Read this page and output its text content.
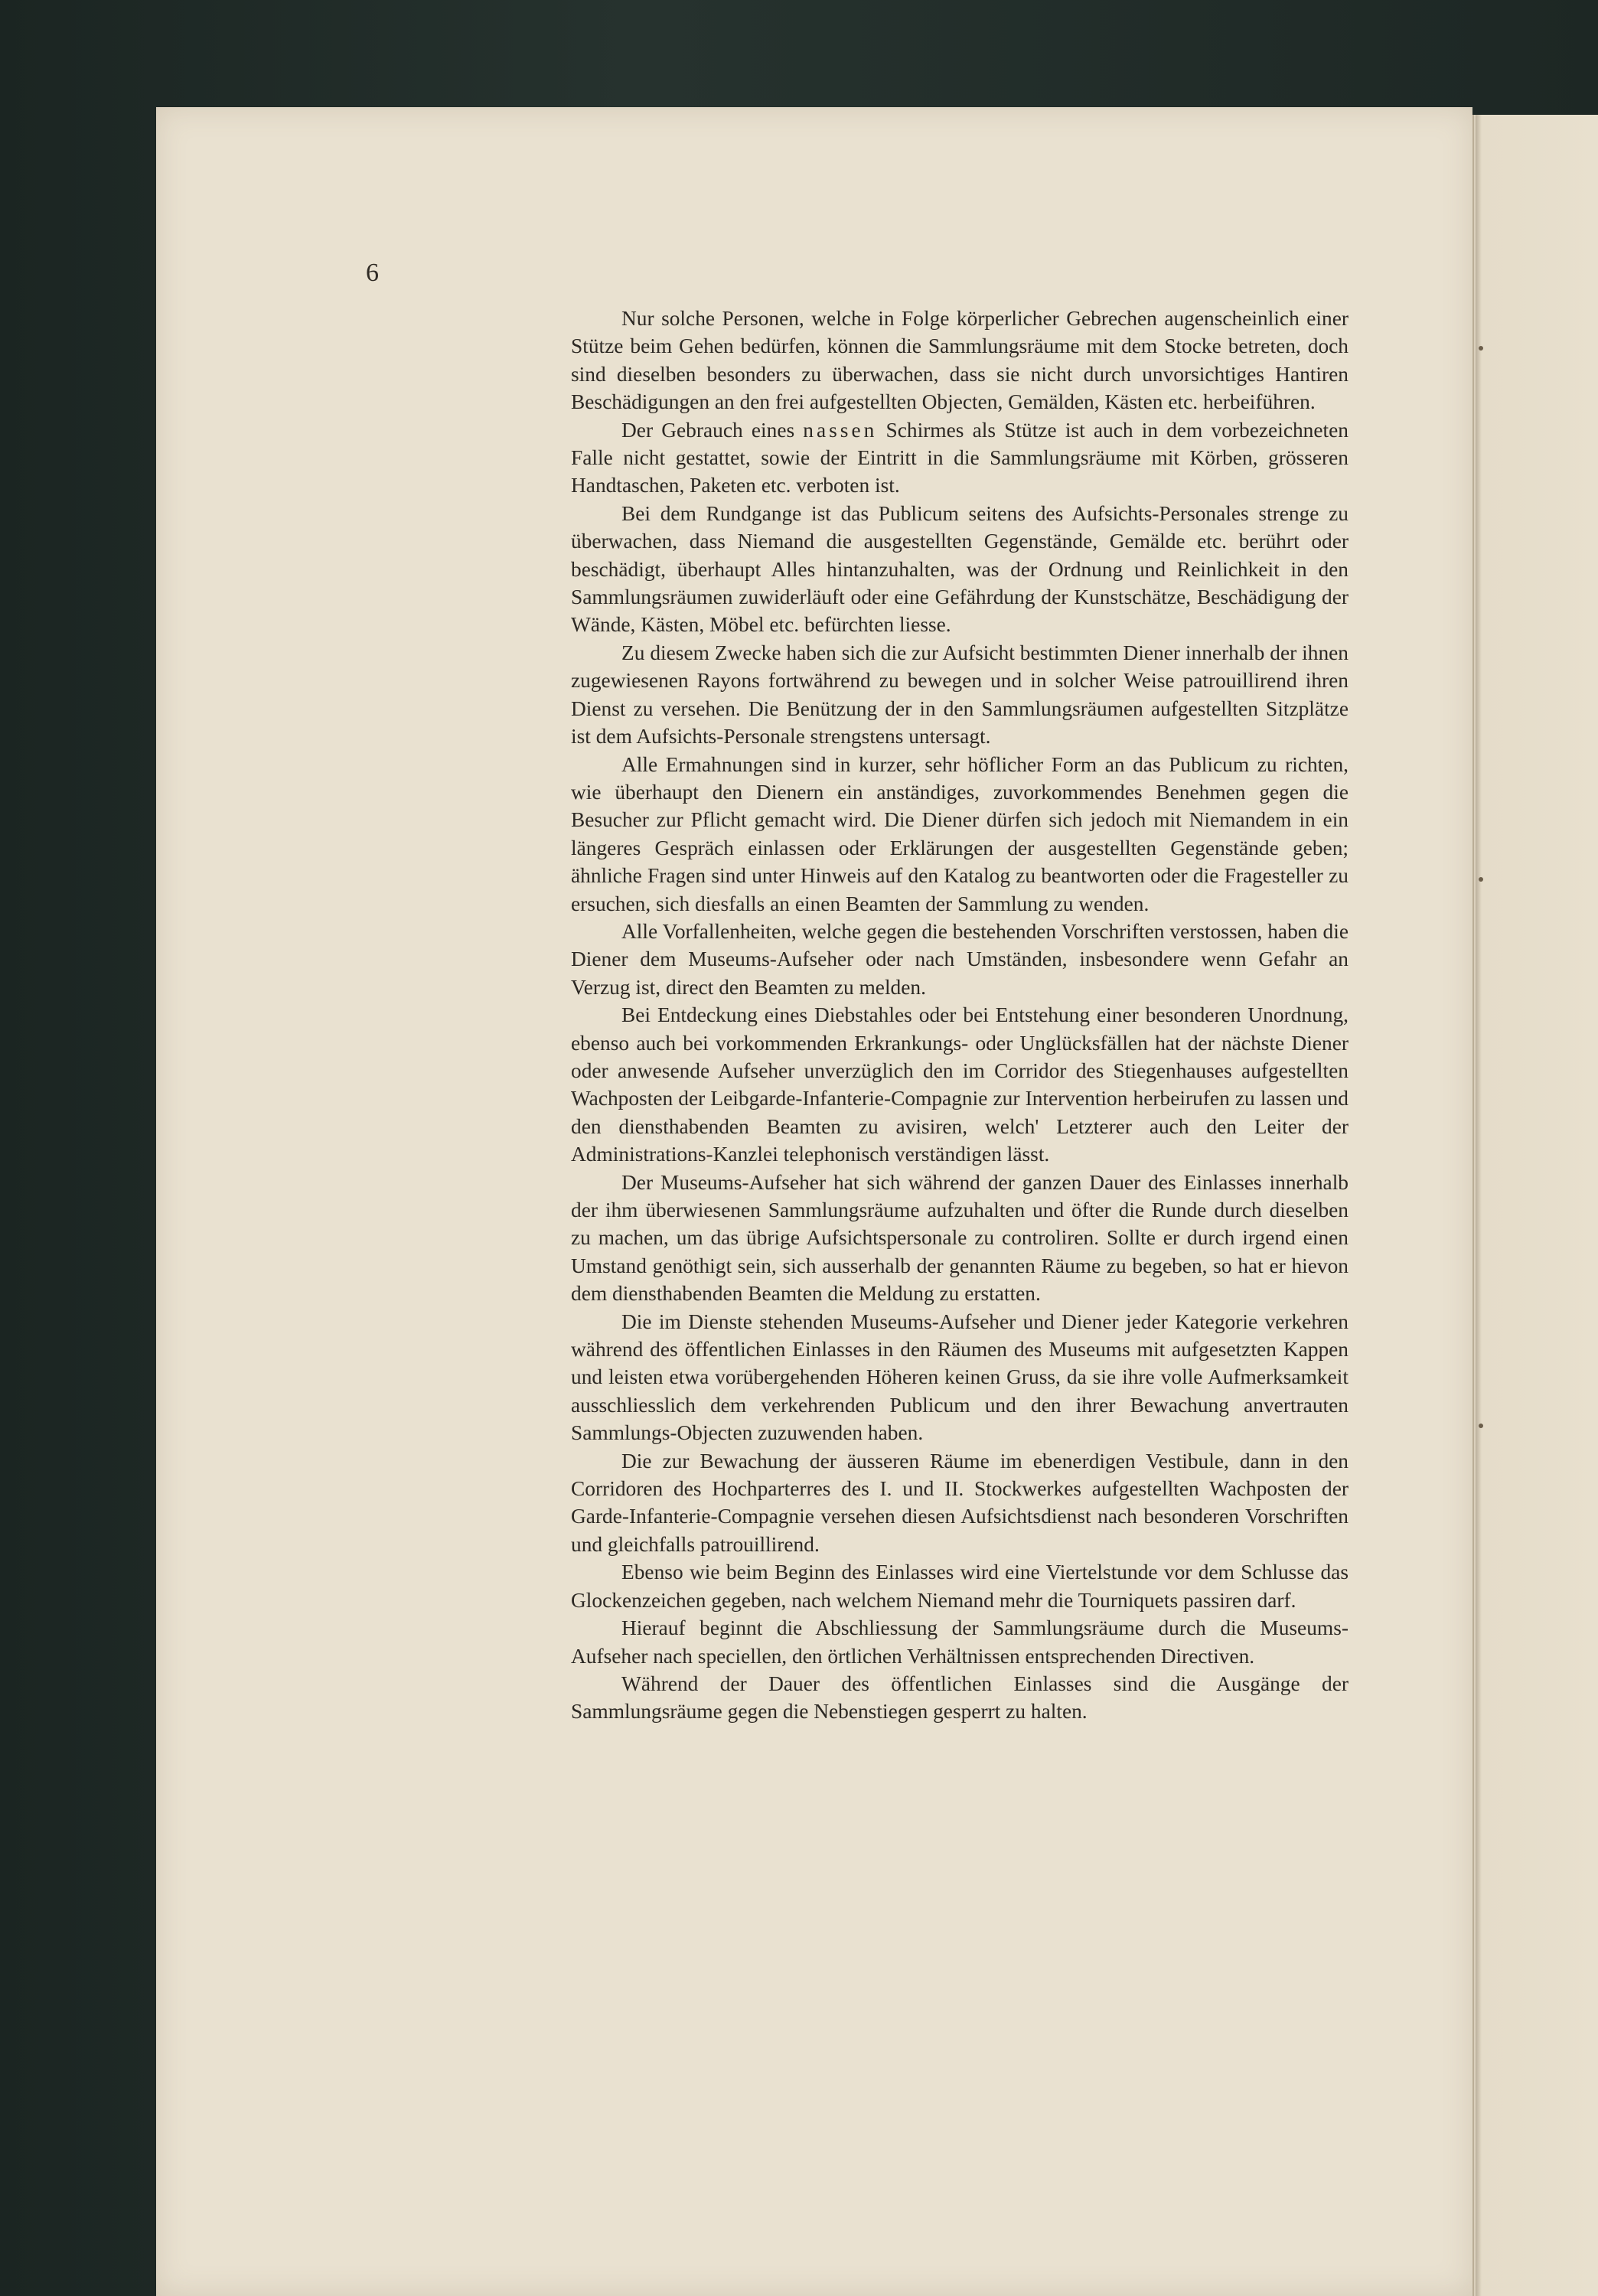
6

Nur solche Personen, welche in Folge körperlicher Gebrechen augenscheinlich einer Stütze beim Gehen bedürfen, können die Sammlungsräume mit dem Stocke betreten, doch sind dieselben besonders zu überwachen, dass sie nicht durch unvorsichtiges Hantiren Beschädigungen an den frei aufgestellten Objecten, Gemälden, Kästen etc. herbeiführen.

Der Gebrauch eines nassen Schirmes als Stütze ist auch in dem vorbezeichneten Falle nicht gestattet, sowie der Eintritt in die Sammlungsräume mit Körben, grösseren Handtaschen, Paketen etc. verboten ist.

Bei dem Rundgange ist das Publicum seitens des Aufsichts-Personales strenge zu überwachen, dass Niemand die ausgestellten Gegenstände, Gemälde etc. berührt oder beschädigt, überhaupt Alles hintanzuhalten, was der Ordnung und Reinlichkeit in den Sammlungsräumen zuwiderläuft oder eine Gefährdung der Kunstschätze, Beschädigung der Wände, Kästen, Möbel etc. befürchten liesse.

Zu diesem Zwecke haben sich die zur Aufsicht bestimmten Diener innerhalb der ihnen zugewiesenen Rayons fortwährend zu bewegen und in solcher Weise patrouillirend ihren Dienst zu versehen. Die Benützung der in den Sammlungsräumen aufgestellten Sitzplätze ist dem Aufsichts-Personale strengstens untersagt.

Alle Ermahnungen sind in kurzer, sehr höflicher Form an das Publicum zu richten, wie überhaupt den Dienern ein anständiges, zuvorkommendes Benehmen gegen die Besucher zur Pflicht gemacht wird. Die Diener dürfen sich jedoch mit Niemandem in ein längeres Gespräch einlassen oder Erklärungen der ausgestellten Gegenstände geben; ähnliche Fragen sind unter Hinweis auf den Katalog zu beantworten oder die Fragesteller zu ersuchen, sich diesfalls an einen Beamten der Sammlung zu wenden.

Alle Vorfallenheiten, welche gegen die bestehenden Vorschriften verstossen, haben die Diener dem Museums-Aufseher oder nach Umständen, insbesondere wenn Gefahr an Verzug ist, direct den Beamten zu melden.

Bei Entdeckung eines Diebstahles oder bei Entstehung einer besonderen Unordnung, ebenso auch bei vorkommenden Erkrankungs- oder Unglücksfällen hat der nächste Diener oder anwesende Aufseher unverzüglich den im Corridor des Stiegenhauses aufgestellten Wachposten der Leibgarde-Infanterie-Compagnie zur Intervention herbeirufen zu lassen und den diensthabenden Beamten zu avisiren, welch' Letzterer auch den Leiter der Administrations-Kanzlei telephonisch verständigen lässt.

Der Museums-Aufseher hat sich während der ganzen Dauer des Einlasses innerhalb der ihm überwiesenen Sammlungsräume aufzuhalten und öfter die Runde durch dieselben zu machen, um das übrige Aufsichtspersonale zu controliren. Sollte er durch irgend einen Umstand genöthigt sein, sich ausserhalb der genannten Räume zu begeben, so hat er hievon dem diensthabenden Beamten die Meldung zu erstatten.

Die im Dienste stehenden Museums-Aufseher und Diener jeder Kategorie verkehren während des öffentlichen Einlasses in den Räumen des Museums mit aufgesetzten Kappen und leisten etwa vorübergehenden Höheren keinen Gruss, da sie ihre volle Aufmerksamkeit ausschliesslich dem verkehrenden Publicum und den ihrer Bewachung anvertrauten Sammlungs-Objecten zuzuwenden haben.

Die zur Bewachung der äusseren Räume im ebenerdigen Vestibule, dann in den Corridoren des Hochparterres des I. und II. Stockwerkes aufgestellten Wachposten der Garde-Infanterie-Compagnie versehen diesen Aufsichtsdienst nach besonderen Vorschriften und gleichfalls patrouillirend.

Ebenso wie beim Beginn des Einlasses wird eine Viertelstunde vor dem Schlusse das Glockenzeichen gegeben, nach welchem Niemand mehr die Tourniquets passiren darf.

Hierauf beginnt die Abschliessung der Sammlungsräume durch die Museums-Aufseher nach speciellen, den örtlichen Verhältnissen entsprechenden Directiven.

Während der Dauer des öffentlichen Einlasses sind die Ausgänge der Sammlungsräume gegen die Nebenstiegen gesperrt zu halten.
